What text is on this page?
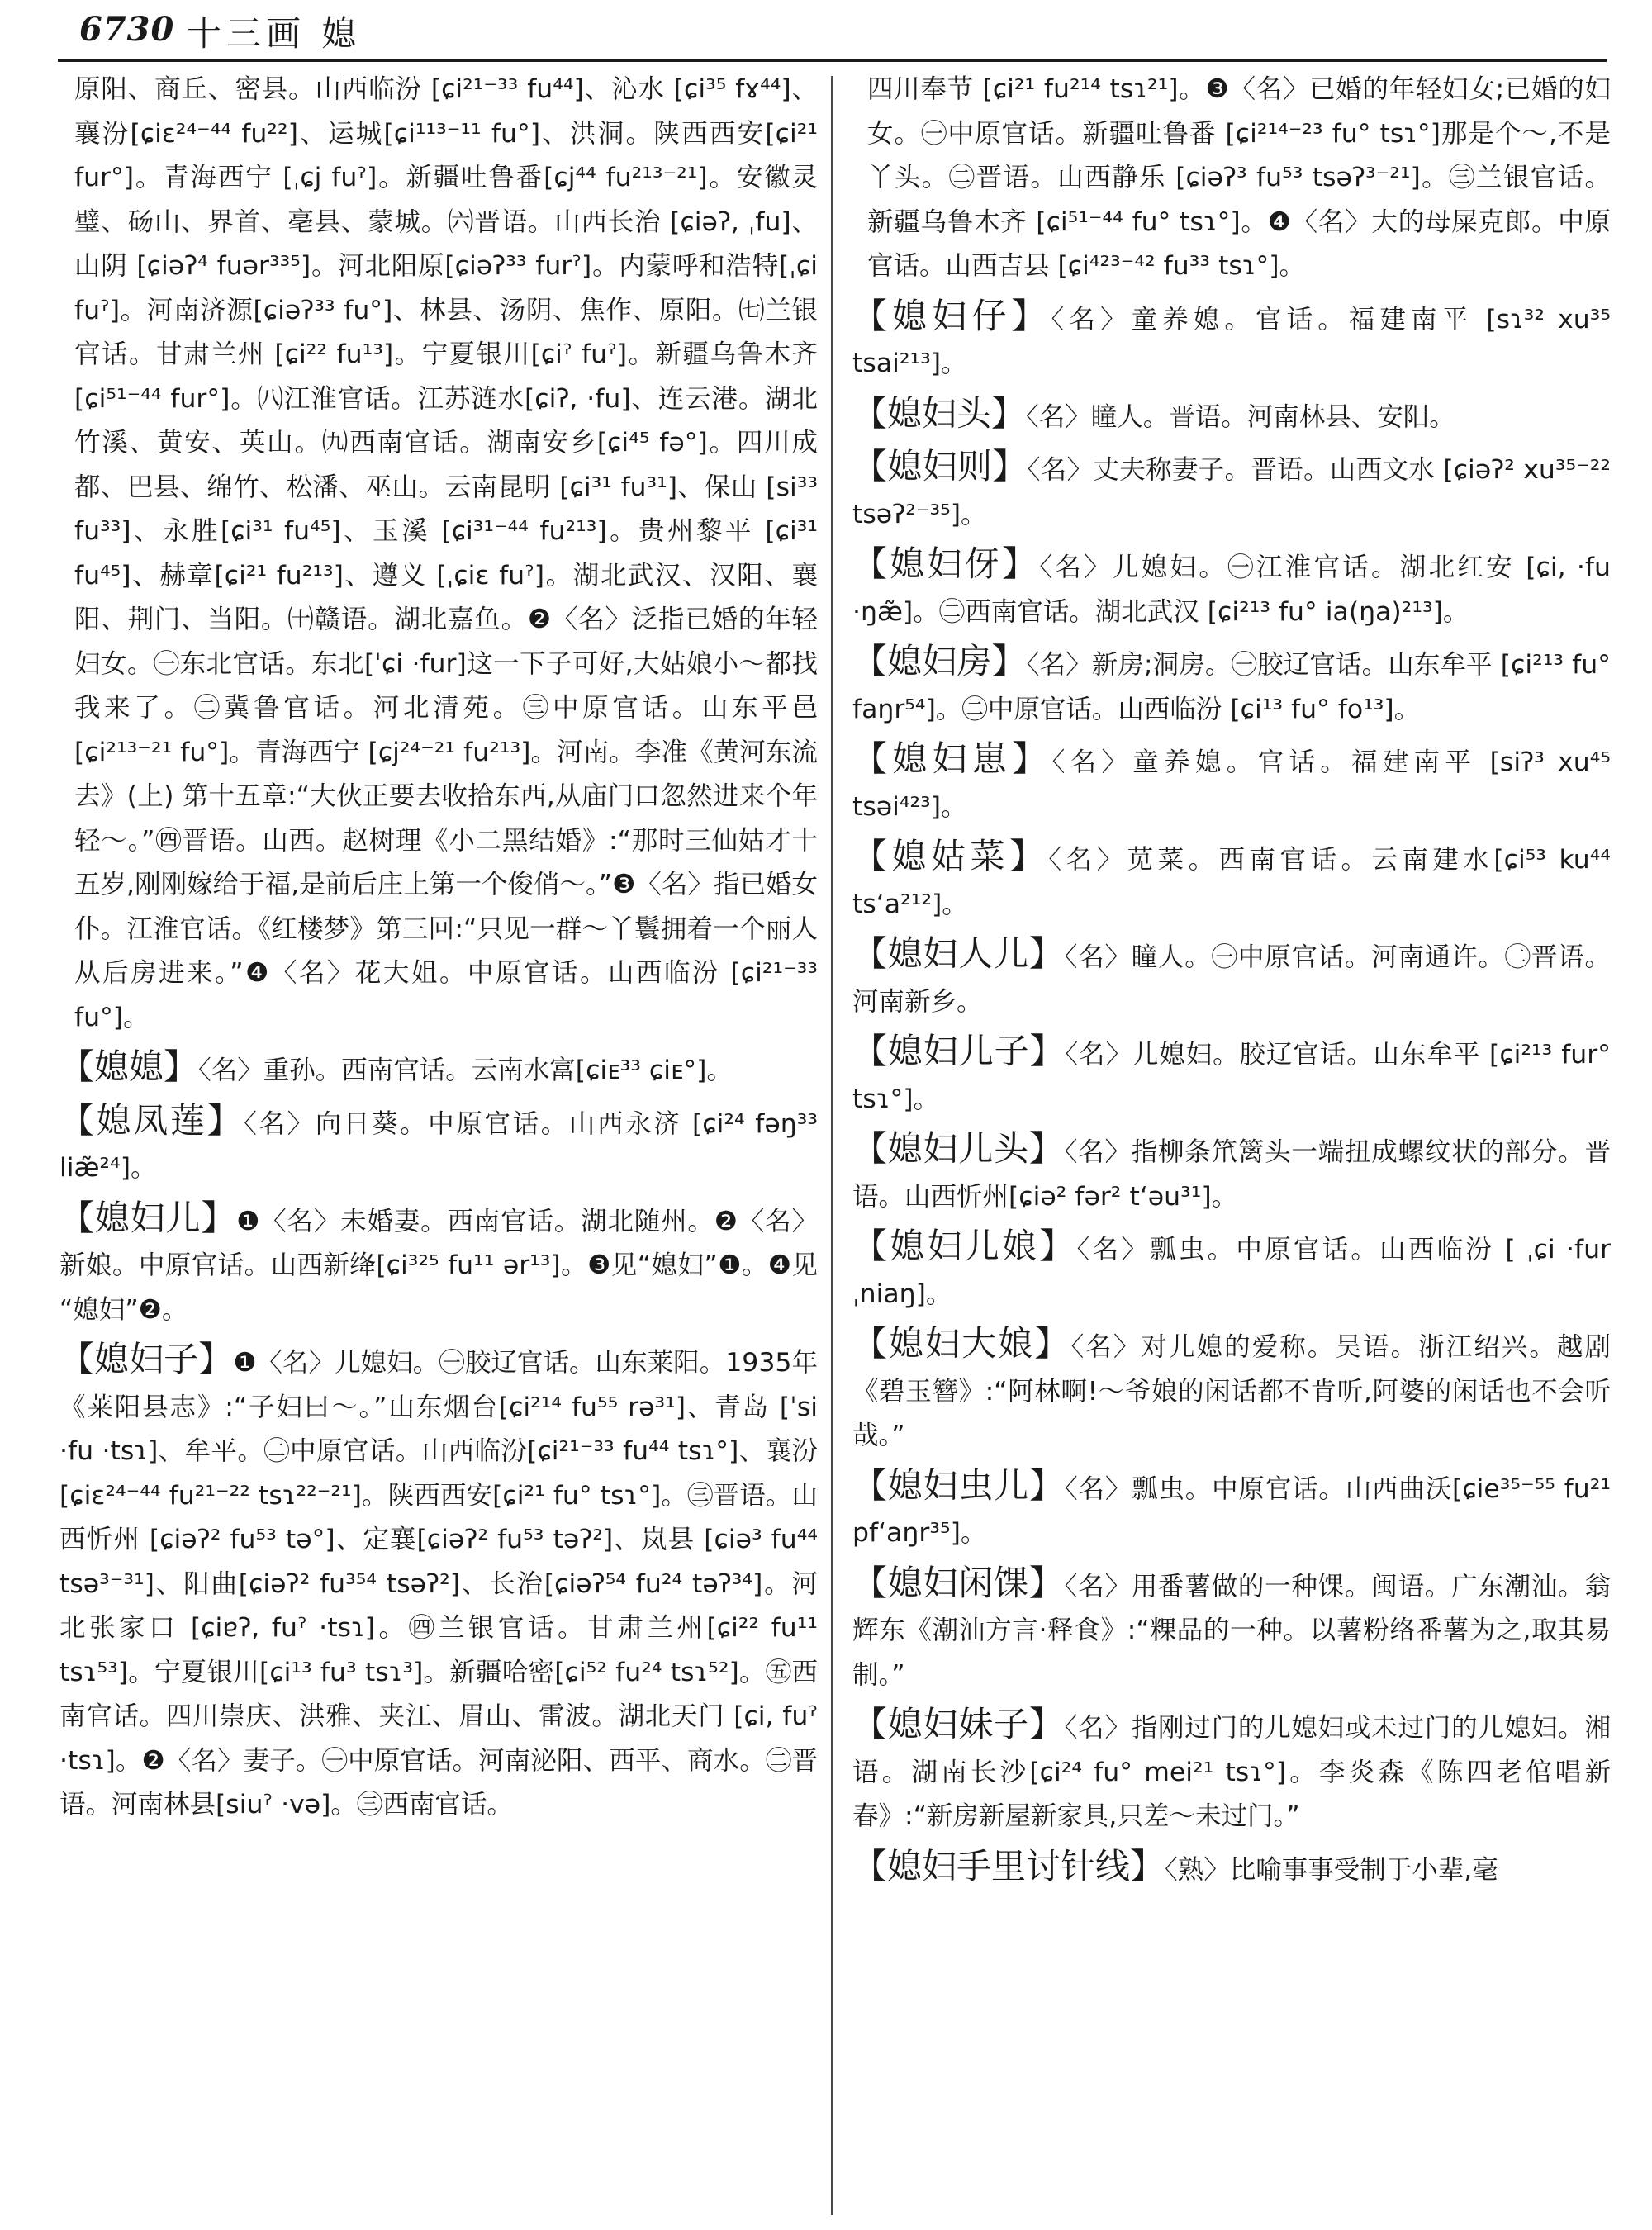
6730 十三画 媳

原阳、商丘、密县。山西临汾 [ɕi²¹⁻³³ fu⁴⁴]、沁水 [ɕi³⁵ fɤ⁴⁴]、襄汾[ɕiɛ²⁴⁻⁴⁴ fu²²]、运城[ɕi¹¹³⁻¹¹ fu°]、洪洞。陕西西安[ɕi²¹ fur°]。青海西宁 [ˌɕj fuˀ]。新疆吐鲁番[ɕj⁴⁴ fu²¹³⁻²¹]。安徽灵璧、砀山、界首、亳县、蒙城。㈥晋语。山西长治 [ɕiəʔ, ˌfu]、山阴 [ɕiəʔ⁴ fuər³³⁵]。河北阳原[ɕiəʔ³³ furˀ]。内蒙呼和浩特[ˌɕi fuˀ]。河南济源[ɕiəʔ³³ fu°]、林县、汤阴、焦作、原阳。㈦兰银官话。甘肃兰州 [ɕi²² fu¹³]。宁夏银川[ɕiˀ fuˀ]。新疆乌鲁木齐[ɕi⁵¹⁻⁴⁴ fur°]。㈧江淮官话。江苏涟水[ɕiʔ, ·fu]、连云港。湖北竹溪、黄安、英山。㈨西南官话。湖南安乡[ɕi⁴⁵ fə°]。四川成都、巴县、绵竹、松潘、巫山。云南昆明 [ɕi³¹ fu³¹]、保山 [si³³ fu³³]、永胜[ɕi³¹ fu⁴⁵]、玉溪 [ɕi³¹⁻⁴⁴ fu²¹³]。贵州黎平 [ɕi³¹ fu⁴⁵]、赫章[ɕi²¹ fu²¹³]、遵义 [ˌɕiɛ fuˀ]。湖北武汉、汉阳、襄阳、荆门、当阳。㈩赣语。湖北嘉鱼。❷〈名〉泛指已婚的年轻妇女。㊀东北官话。东北[ˈɕi ·fur]这一下子可好,大姑娘小～都找我来了。㊁冀鲁官话。河北清苑。㊂中原官话。山东平邑 [ɕi²¹³⁻²¹ fu°]。青海西宁 [ɕj²⁴⁻²¹ fu²¹³]。河南。李准《黄河东流去》(上) 第十五章:“大伙正要去收拾东西,从庙门口忽然进来个年轻～。”㊃晋语。山西。赵树理《小二黑结婚》:“那时三仙姑才十五岁,刚刚嫁给于福,是前后庄上第一个俊俏～。”❸〈名〉指已婚女仆。江淮官话。《红楼梦》第三回:“只见一群～丫鬟拥着一个丽人从后房进来。”❹〈名〉花大姐。中原官话。山西临汾 [ɕi²¹⁻³³ fu°]。

【媳媳】〈名〉重孙。西南官话。云南水富[ɕiᴇ³³ ɕiᴇ°]。
【媳凤莲】〈名〉向日葵。中原官话。山西永济 [ɕi²⁴ fəŋ³³ liæ̃²⁴]。
【媳妇儿】❶〈名〉未婚妻。西南官话。湖北随州。❷〈名〉新娘。中原官话。山西新绛[ɕi³²⁵ fu¹¹ ər¹³]。❸见“媳妇”❶。❹见 “媳妇”❷。
【媳妇子】❶〈名〉儿媳妇。㊀胶辽官话。山东莱阳。1935年《莱阳县志》:“子妇曰～。”山东烟台[ɕi²¹⁴ fu⁵⁵ rə³¹]、青岛 [ˈsi ·fu ·tsɿ]、牟平。㊁中原官话。山西临汾[ɕi²¹⁻³³ fu⁴⁴ tsɿ°]、襄汾 [ɕiɛ²⁴⁻⁴⁴ fu²¹⁻²² tsɿ²²⁻²¹]。陕西西安[ɕi²¹ fu° tsɿ°]。㊂晋语。山西忻州 [ɕiəʔ² fu⁵³ tə°]、定襄[ɕiəʔ² fu⁵³ təʔ²]、岚县 [ɕiə³ fu⁴⁴ tsə³⁻³¹]、阳曲[ɕiəʔ² fu³⁵⁴ tsəʔ²]、长治[ɕiəʔ⁵⁴ fu²⁴ təʔ³⁴]。河北张家口 [ɕiɐʔ, fuˀ ·tsɿ]。㊃兰银官话。甘肃兰州[ɕi²² fu¹¹ tsɿ⁵³]。宁夏银川[ɕi¹³ fu³ tsɿ³]。新疆哈密[ɕi⁵² fu²⁴ tsɿ⁵²]。㊄西南官话。四川崇庆、洪雅、夹江、眉山、雷波。湖北天门 [ɕi, fuˀ ·tsɿ]。❷〈名〉妻子。㊀中原官话。河南泌阳、西平、商水。㊁晋语。河南林县[siuˀ ·və]。㊂西南官话。

四川奉节 [ɕi²¹ fu²¹⁴ tsɿ²¹]。❸〈名〉已婚的年轻妇女;已婚的妇女。㊀中原官话。新疆吐鲁番 [ɕi²¹⁴⁻²³ fu° tsɿ°]那是个～,不是丫头。㊁晋语。山西静乐 [ɕiəʔ³ fu⁵³ tsəʔ³⁻²¹]。㊂兰银官话。新疆乌鲁木齐 [ɕi⁵¹⁻⁴⁴ fu° tsɿ°]。❹〈名〉大的母屎克郎。中原官话。山西吉县 [ɕi⁴²³⁻⁴² fu³³ tsɿ°]。

【媳妇仔】〈名〉童养媳。官话。福建南平 [sɿ³² xu³⁵ tsai²¹³]。
【媳妇头】〈名〉瞳人。晋语。河南林县、安阳。
【媳妇则】〈名〉丈夫称妻子。晋语。山西文水 [ɕiəʔ² xu³⁵⁻²² tsəʔ²⁻³⁵]。
【媳妇伢】〈名〉儿媳妇。㊀江淮官话。湖北红安 [ɕi, ·fu ·ŋæ̃]。㊁西南官话。湖北武汉 [ɕi²¹³ fu° ia(ŋa)²¹³]。
【媳妇房】〈名〉新房;洞房。㊀胶辽官话。山东牟平 [ɕi²¹³ fu° faŋr⁵⁴]。㊁中原官话。山西临汾 [ɕi¹³ fu° fo¹³]。
【媳妇崽】〈名〉童养媳。官话。福建南平 [siʔ³ xu⁴⁵ tsəi⁴²³]。
【媳姑菜】〈名〉苋菜。西南官话。云南建水[ɕi⁵³ ku⁴⁴ tsʻa²¹²]。
【媳妇人儿】〈名〉瞳人。㊀中原官话。河南通许。㊁晋语。河南新乡。
【媳妇儿子】〈名〉儿媳妇。胶辽官话。山东牟平 [ɕi²¹³ fur° tsɿ°]。
【媳妇儿头】〈名〉指柳条笊篱头一端扭成螺纹状的部分。晋语。山西忻州[ɕiə² fər² tʻəu³¹]。
【媳妇儿娘】〈名〉瓢虫。中原官话。山西临汾 [ ˌɕi ·fur ˌniaŋ]。
【媳妇大娘】〈名〉对儿媳的爱称。吴语。浙江绍兴。越剧《碧玉簪》:“阿林啊!～爷娘的闲话都不肯听,阿婆的闲话也不会听哉。”
【媳妇虫儿】〈名〉瓢虫。中原官话。山西曲沃[ɕie³⁵⁻⁵⁵ fu²¹ pfʻaŋr³⁵]。
【媳妇闲馃】〈名〉用番薯做的一种馃。闽语。广东潮汕。翁辉东《潮汕方言·释食》:“粿品的一种。以薯粉络番薯为之,取其易制。”
【媳妇妹子】〈名〉指刚过门的儿媳妇或未过门的儿媳妇。湘语。湖南长沙[ɕi²⁴ fu° mei²¹ tsɿ°]。李炎森《陈四老倌唱新春》:“新房新屋新家具,只差～未过门。”
【媳妇手里讨针线】〈熟〉比喻事事受制于小辈,毫
